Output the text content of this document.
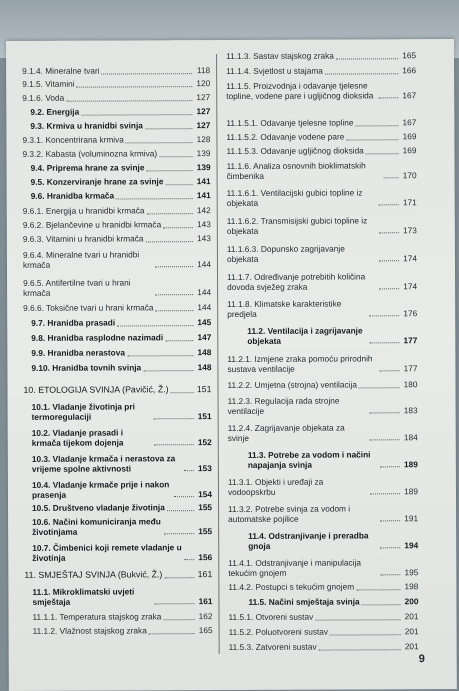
9.1.4. Mineralne tvari	118
9.1.5. Vitamini	120
9.1.6. Voda	127
9.2. Energija	127
9.3. Krmiva u hranidbi svinja	127
9.3.1. Koncentrirana krmiva	128
9.3.2. Kabasta (voluminozna krmiva)	139
9.4. Priprema hrane za svinje	139
9.5. Konzerviranje hrane za svinje	141
9.6. Hranidba krmača	141
9.6.1. Energija u hranidbi krmača	142
9.6.2. Bjelančevine u hranidbi krmača	143
9.6.3. Vitamini u hranidbi krmača	143
9.6.4. Mineralne tvari u hranidbi krmača	144
9.6.5. Antifertilne tvari u hrani krmača	144
9.6.6. Toksične tvari u hrani krmača	144
9.7. Hranidba prasadi	145
9.8. Hranidba rasplodne nazimadi	147
9.9. Hranidba nerastova	148
9.10. Hranidba tovnih svinja	148
10. ETOLOGIJA SVINJA (Pavičić, Ž.)	151
10.1. Vladanje životinja pri termoregulaciji	151
10.2. Vladanje prasadi i krmača tijekom dojenja	152
10.3. Vladanje krmača i nerastova za vrijeme spolne aktivnosti	153
10.4. Vladanje krmače prije i nakon prasenja	154
10.5. Društveno vladanje životinja	155
10.6. Načini komuniciranja među životinjama	155
10.7. Čimbenici koji remete vladanje u životinja	156
11. SMJEŠTAJ SVINJA (Bukvić, Ž.)	161
11.1. Mikroklimatski uvjeti smještaja	161
11.1.1. Temperatura stajskog zraka	162
11.1.2. Vlažnost stajskog zraka	165
11.1.3. Sastav stajskog zraka	165
11.1.4. Svjetlost u stajama	166
11.1.5. Proizvodnja i odavanje tjelesne topline, vodene pare i ugljičnog dioksida	167
11.1.5.1. Odavanje tjelesne topline	167
11.1.5.2. Odavanje vodene pare	169
11.1.5.3. Odavanje ugljičnog dioksida	169
11.1.6. Analiza osnovnih bioklimatskih čimbenika	170
11.1.6.1. Ventilacijski gubici topline iz objekata	171
11.1.6.2. Transmisijski gubici topline iz objekata	173
11.1.6.3. Dopunsko zagrijavanje objekata	174
11.1.7. Određivanje potrebitih količina dovoda svježeg zraka	174
11.1.8. Klimatske karakteristike predjela	176
11.2. Ventilacija i zagrijavanje objekata	177
11.2.1. Izmjene zraka pomoću prirodnih sustava ventilacije	177
11.2.2. Umjetna (strojna) ventilacija	180
11.2.3. Regulacija rada strojne ventilacije	183
11.2.4. Zagrijavanje objekata za svinje	184
11.3. Potrebe za vodom i načini napajanja svinja	189
11.3.1. Objekti i uređaji za vodoopskrbu	189
11.3.2. Potrebe svinja za vodom i automatske pojilice	191
11.4. Odstranjivanje i preradba gnoja	194
11.4.1. Odstranjivanje i manipulacija tekućim gnojem	195
11.4.2. Postupci s tekućim gnojem	198
11.5. Načini smještaja svinja	200
11.5.1. Otvoreni sustav	201
11.5.2. Poluotvoreni sustav	201
11.5.3. Zatvoreni sustav	201
9
